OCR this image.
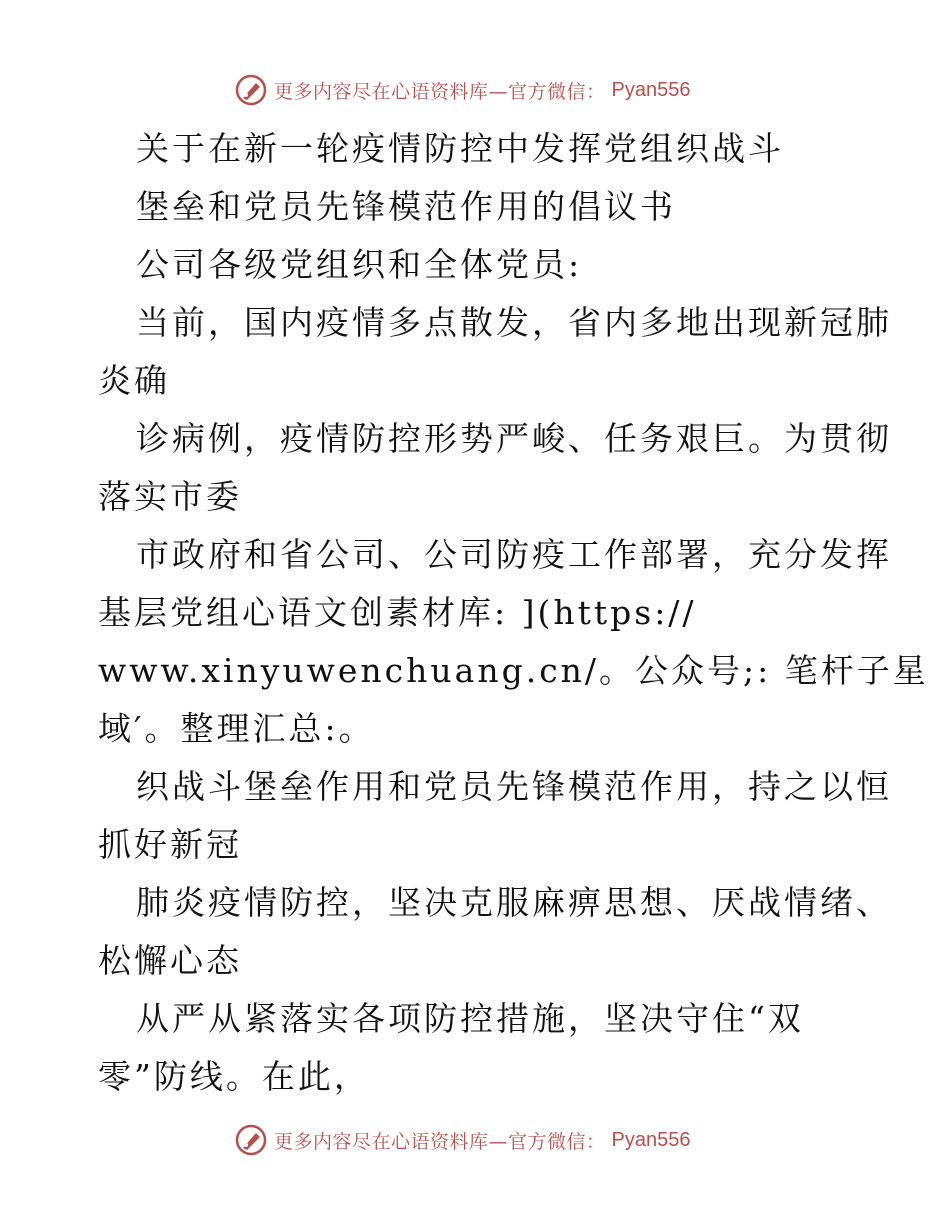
更多内容尽在心语资料库—官方微信： Pyan556
关于在新一轮疫情防控中发挥党组织战斗
堡垒和党员先锋模范作用的倡议书
公司各级党组织和全体党员:
当前，国内疫情多点散发，省内多地出现新冠肺
炎确
诊病例，疫情防控形势严峻、任务艰巨。为贯彻
落实市委
市政府和省公司、公司防疫工作部署，充分发挥
基层党组心语文创素材库: ](https://
www.xinyuwenchuang.cn/。公众号;: 笔杆子星
域′。整理汇总:。
织战斗堡垒作用和党员先锋模范作用，持之以恒
抓好新冠
肺炎疫情防控，坚决克服麻痹思想、厌战情绪、
松懈心态
从严从紧落实各项防控措施，坚决守住“双
零”防线。在此，
更多内容尽在心语资料库—官方微信： Pyan556
